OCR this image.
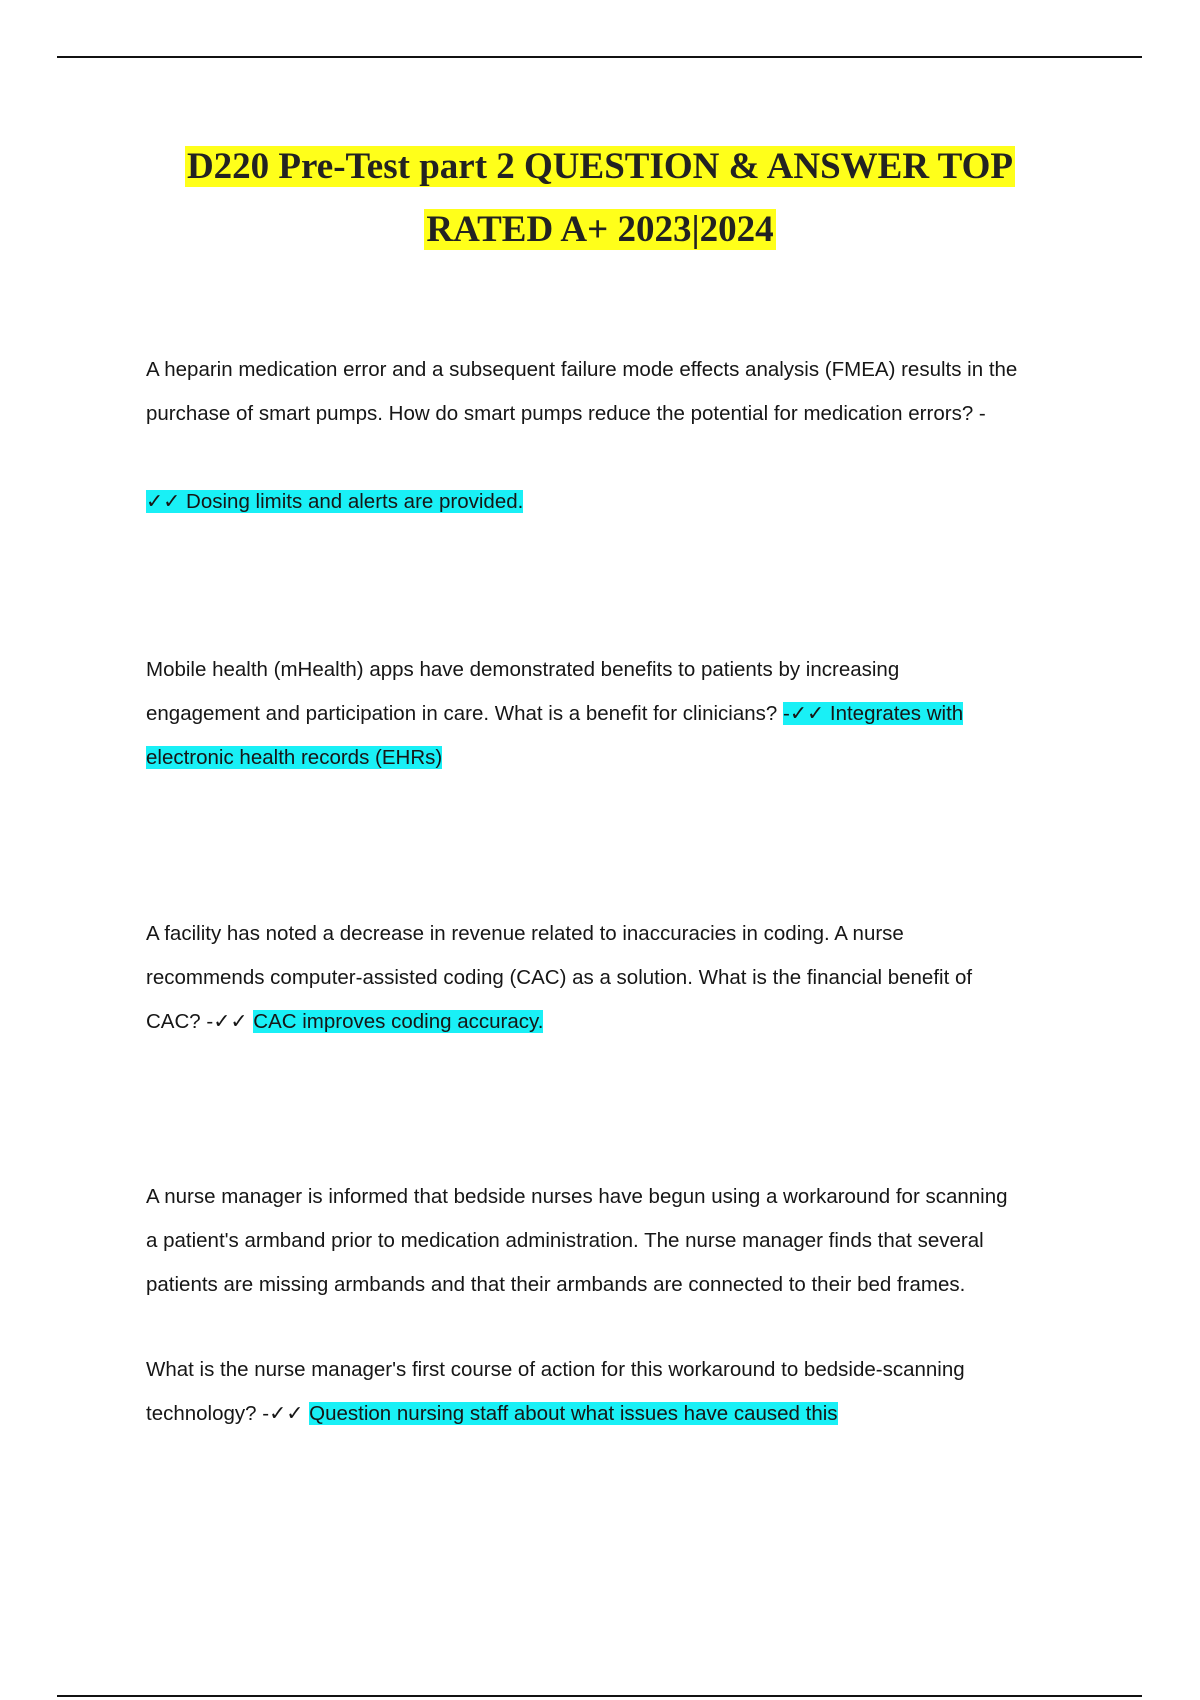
D220 Pre-Test part 2 QUESTION & ANSWER TOP
RATED A+ 2023|2024

A heparin medication error and a subsequent failure mode effects analysis (FMEA) results in the

purchase of smart pumps. How do smart pumps reduce the potential for medication errors? -

✓✓ Dosing limits and alerts are provided.

Mobile health (mHealth) apps have demonstrated benefits to patients by increasing

engagement and participation in care. What is a benefit for clinicians? -✓✓ Integrates with

electronic health records (EHRs)

A facility has noted a decrease in revenue related to inaccuracies in coding. A nurse

recommends computer-assisted coding (CAC) as a solution. What is the financial benefit of

CAC? -✓✓ CAC improves coding accuracy.

A nurse manager is informed that bedside nurses have begun using a workaround for scanning

a patient's armband prior to medication administration. The nurse manager finds that several

patients are missing armbands and that their armbands are connected to their bed frames.

What is the nurse manager's first course of action for this workaround to bedside-scanning

technology? -✓✓ Question nursing staff about what issues have caused this
